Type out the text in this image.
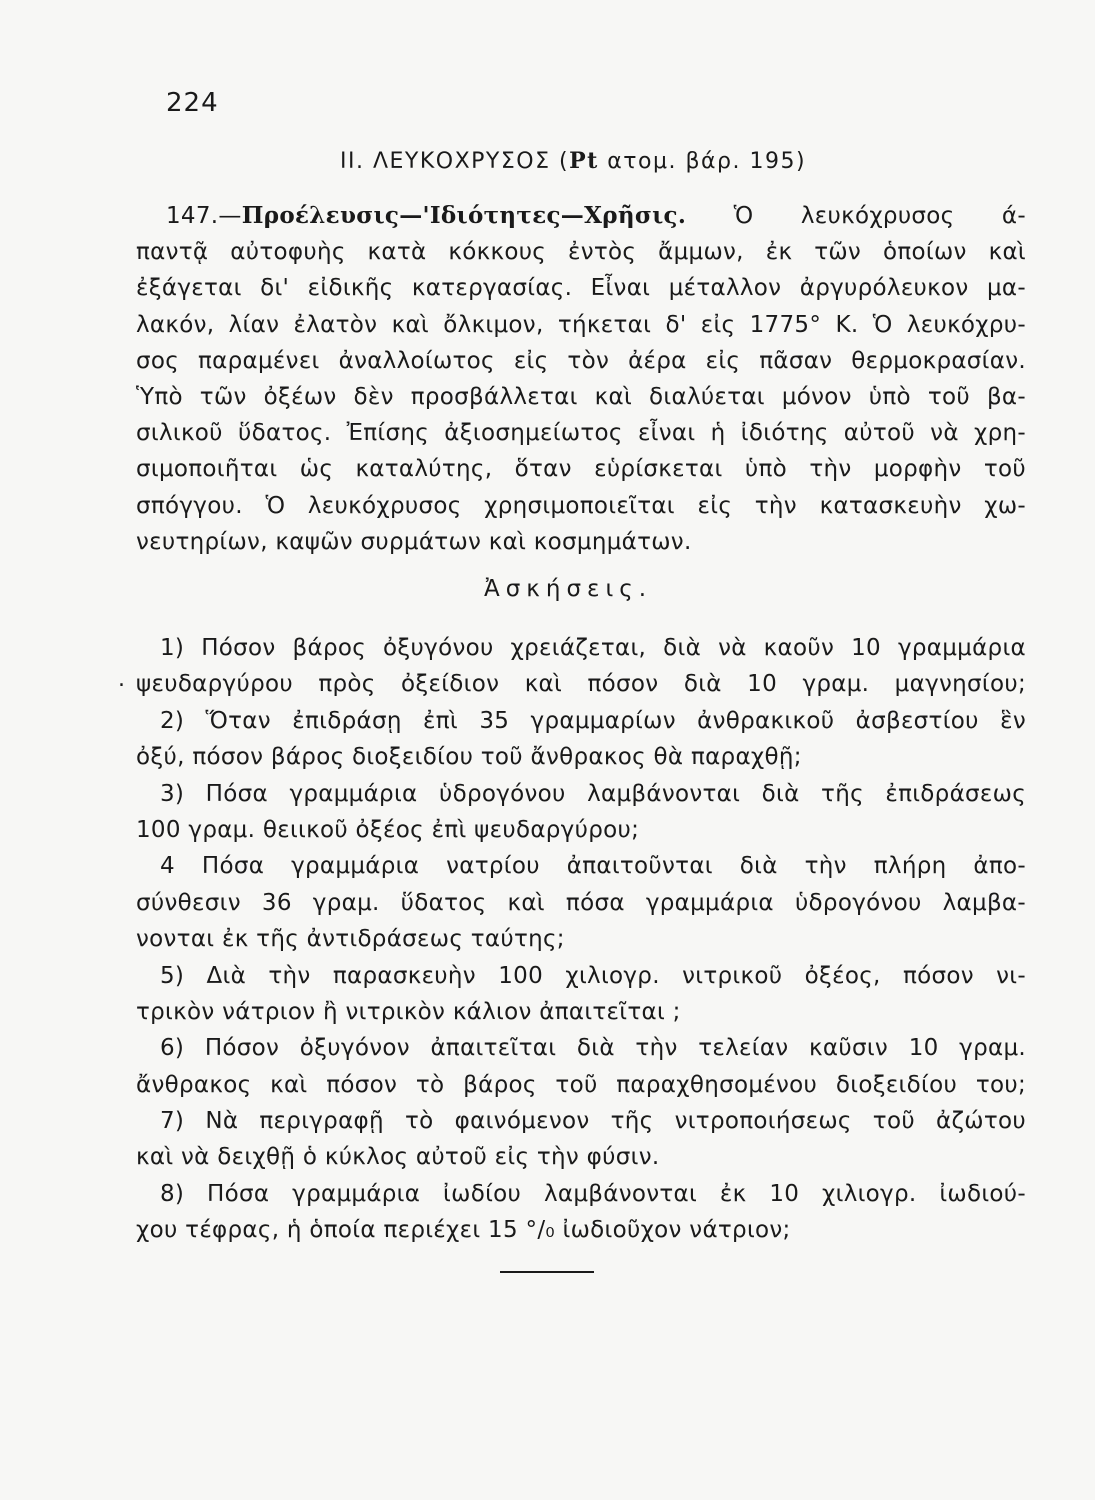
224
ΙΙ. ΛΕΥΚΟΧΡΥΣΟΣ (Pt ατομ. βάρ. 195)
147.—Προέλευσις—'Ιδιότητες—Χρῆσις. Ὁ λευκόχρυσος ά-
παντᾷ αὐτοφυὴς κατὰ κόκκους ἐντὸς ἄμμων, ἐκ τῶν ὁποίων καὶ
ἐξάγεται δι' εἰδικῆς κατεργασίας. Εἶναι μέταλλον ἀργυρόλευκον μα-
λακόν, λίαν ἐλατὸν καὶ ὄλκιμον, τήκεται δ' εἰς 1775° Κ. Ὁ λευκόχρυ-
σος παραμένει ἀναλλοίωτος εἰς τὸν ἀέρα εἰς πᾶσαν θερμοκρασίαν.
Ὑπὸ τῶν ὀξέων δὲν προσβάλλεται καὶ διαλύεται μόνον ὑπὸ τοῦ βα-
σιλικοῦ ὕδατος. Ἐπίσης ἀξιοσημείωτος εἶναι ἡ ἰδιότης αὐτοῦ νὰ χρη-
σιμοποιῆται ὡς καταλύτης, ὅταν εὑρίσκεται ὑπὸ τὴν μορφὴν τοῦ
σπόγγου. Ὁ λευκόχρυσος χρησιμοποιεῖται εἰς τὴν κατασκευὴν χω-
νευτηρίων, καψῶν συρμάτων καὶ κοσμημάτων.
Ἀσκήσεις.
.
1) Πόσον βάρος ὀξυγόνου χρειάζεται, διὰ νὰ καοῦν 10 γραμμάρια
ψευδαργύρου πρὸς ὀξείδιον καὶ πόσον διὰ 10 γραμ. μαγνησίου;
2) Ὅταν ἐπιδράσῃ ἐπὶ 35 γραμμαρίων ἀνθρακικοῦ ἀσβεστίου ἓν
ὀξύ, πόσον βάρος διοξειδίου τοῦ ἄνθρακος θὰ παραχθῇ;
3) Πόσα γραμμάρια ὑδρογόνου λαμβάνονται διὰ τῆς ἐπιδράσεως
100 γραμ. θειικοῦ ὀξέος ἐπὶ ψευδαργύρου;
4 Πόσα γραμμάρια νατρίου ἀπαιτοῦνται διὰ τὴν πλήρη ἀπο-
σύνθεσιν 36 γραμ. ὕδατος καὶ πόσα γραμμάρια ὑδρογόνου λαμβα-
νονται ἐκ τῆς ἀντιδράσεως ταύτης;
5) Διὰ τὴν παρασκευὴν 100 χιλιογρ. νιτρικοῦ ὀξέος, πόσον νι-
τρικὸν νάτριον ἢ νιτρικὸν κάλιον ἀπαιτεῖται ;
6) Πόσον ὀξυγόνον ἀπαιτεῖται διὰ τὴν τελείαν καῦσιν 10 γραμ.
ἄνθρακος καὶ πόσον τὸ βάρος τοῦ παραχθησομένου διοξειδίου του;
7) Νὰ περιγραφῇ τὸ φαινόμενον τῆς νιτροποιήσεως τοῦ ἀζώτου
καὶ νὰ δειχθῇ ὁ κύκλος αὐτοῦ εἰς τὴν φύσιν.
8) Πόσα γραμμάρια ἰωδίου λαμβάνονται ἐκ 10 χιλιογρ. ἰωδιού-
χου τέφρας, ἡ ὁποία περιέχει 15 °/₀ ἰωδιοῦχον νάτριον;
